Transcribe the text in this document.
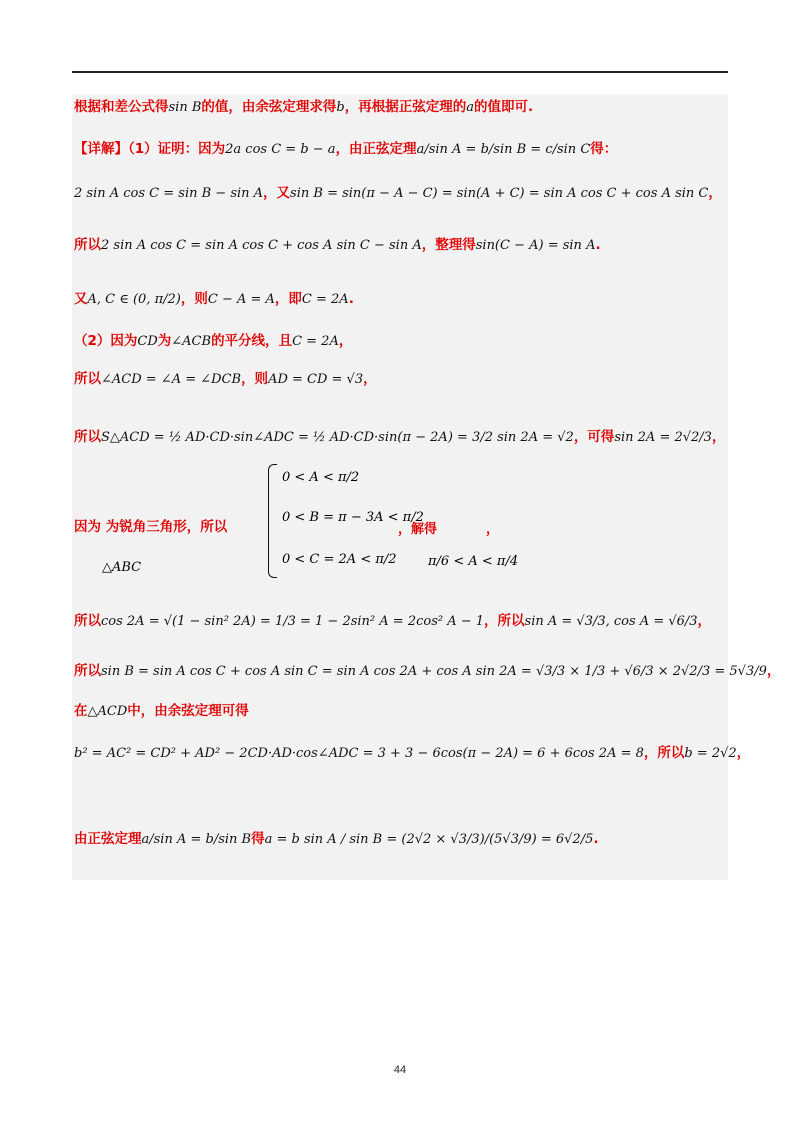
根据和差公式得sin B的值，由余弦定理求得b，再根据正弦定理的a的值即可.
【详解】（1）证明：因为2a cos C = b − a，由正弦定理a/sin A = b/sin B = c/sin C得：
2 sin A cos C = sin B − sin A，又sin B = sin(π − A − C) = sin(A + C) = sin A cos C + cos A sin C，
所以2 sin A cos C = sin A cos C + cos A sin C − sin A，整理得sin(C − A) = sin A.
又A, C ∈ (0, π/2)，则C − A = A，即C = 2A.
（2）因为CD为∠ACB的平分线，且C = 2A，
所以∠ACD = ∠A = ∠DCB，则AD = CD = √3，
所以S△ACD = ½ AD·CD·sin∠ADC = ½ AD·CD·sin(π − 2A) = 3/2 sin 2A = √2，可得sin 2A = 2√2/3，
因为 为锐角三角形，所以
所以cos 2A = √(1 − sin² 2A) = 1/3 = 1 − 2sin² A = 2cos² A − 1，所以sin A = √3/3, cos A = √6/3，
所以sin B = sin A cos C + cos A sin C = sin A cos 2A + cos A sin 2A = √3/3 × 1/3 + √6/3 × 2√2/3 = 5√3/9，
在△ACD中，由余弦定理可得
b² = AC² = CD² + AD² − 2CD·AD·cos∠ADC = 3 + 3 − 6cos(π − 2A) = 6 + 6cos 2A = 8，所以b = 2√2，
由正弦定理a/sin A = b/sin B得a = b sin A / sin B = (2√2 × √3/3)/(5√3/9) = 6√2/5.
0 < A < π/2
0 < B = π − 3A < π/2
0 < C = 2A < π/2
，解得
π/6 < A < π/4
，
△ABC
44
